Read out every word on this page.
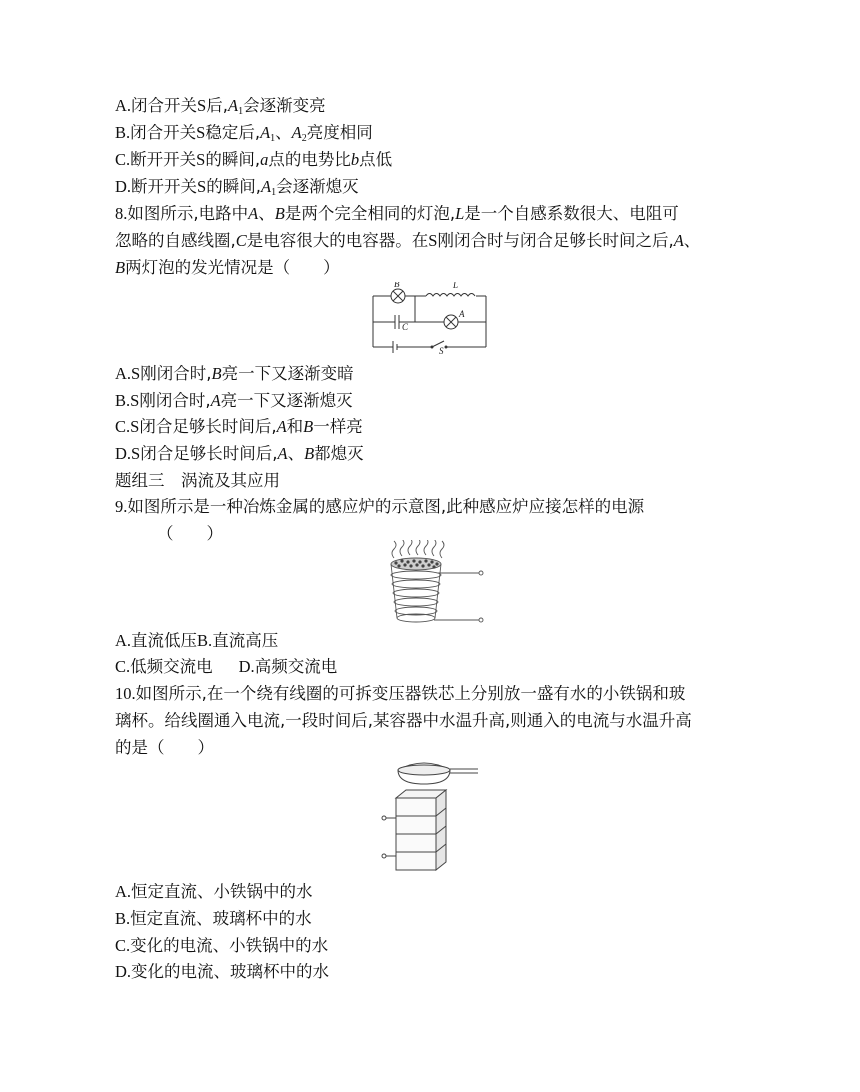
A.闭合开关S后$,A_1$会逐渐变亮
B.闭合开关S稳定后$,A_1$、$A_2$亮度相同
C.断开开关S的瞬间,a点的电势比b点低
D.断开开关S的瞬间$,A_1$会逐渐熄灭
8.如图所示,电路中A、B是两个完全相同的灯泡,L是一个自感系数很大、电阻可
忽略的自感线圈,C是电容很大的电容器。在S刚闭合时与闭合足够长时间之后,A、
B两灯泡的发光情况是（　　）
B	L
C
A
S
A.S刚闭合时,B亮一下又逐渐变暗
B.S刚闭合时,A亮一下又逐渐熄灭
C.S闭合足够长时间后,A和B一样亮
D.S闭合足够长时间后,A、B都熄灭
题组三　涡流及其应用
9.如图所示是一种冶炼金属的感应炉的示意图,此种感应炉应接怎样的电源
（　　）
A.直流低压B.直流高压
C.低频交流电 D.高频交流电
10.如图所示,在一个绕有线圈的可拆变压器铁芯上分别放一盛有水的小铁锅和玻
璃杯。给线圈通入电流,一段时间后,某容器中水温升高,则通入的电流与水温升高
的是（　　）
A.恒定直流、小铁锅中的水
B.恒定直流、玻璃杯中的水
C.变化的电流、小铁锅中的水
D.变化的电流、玻璃杯中的水
